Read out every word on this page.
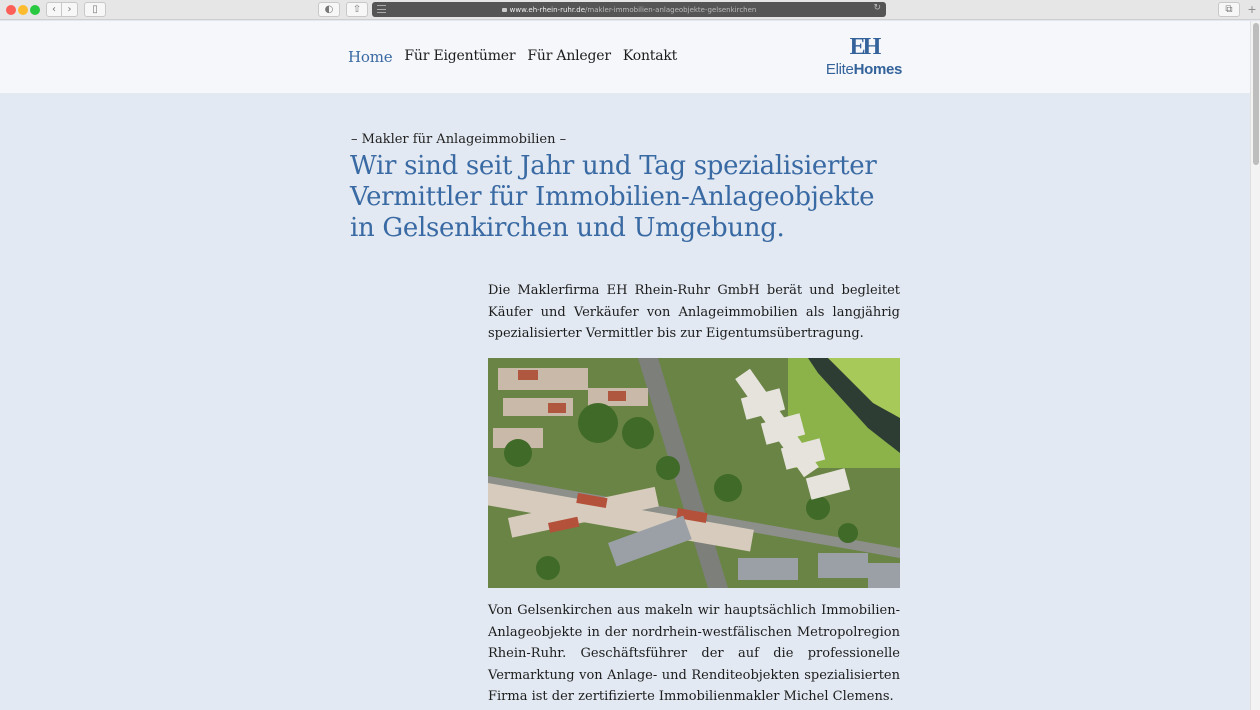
‹ › ▯	◐ ⇧	www.eh-rhein-ruhr.de /makler-immobilien-anlageobjekte-gelsenkirchen	↻	⧉ +
Home Für Eigentümer Für Anleger Kontakt	EH
EliteHomes
– Makler für Anlageimmobilien –
Wir sind seit Jahr und Tag spezialisierter Vermittler für Immobilien-Anlageobjekte in Gelsenkirchen und Umgebung.

Die Maklerfirma EH Rhein-Ruhr GmbH berät und begleitet Käufer und Verkäufer von Anlageimmobilien als langjährig spezialisierter Vermittler bis zur Eigentumsübertragung.

Von Gelsenkirchen aus makeln wir hauptsächlich Immobilien-Anlageobjekte in der nordrhein-westfälischen Metropolregion Rhein-Ruhr. Geschäftsführer der auf die professionelle Vermarktung von Anlage- und Renditeobjekten spezialisierten Firma ist der zertifizierte Immobilienmakler Michel Clemens.
